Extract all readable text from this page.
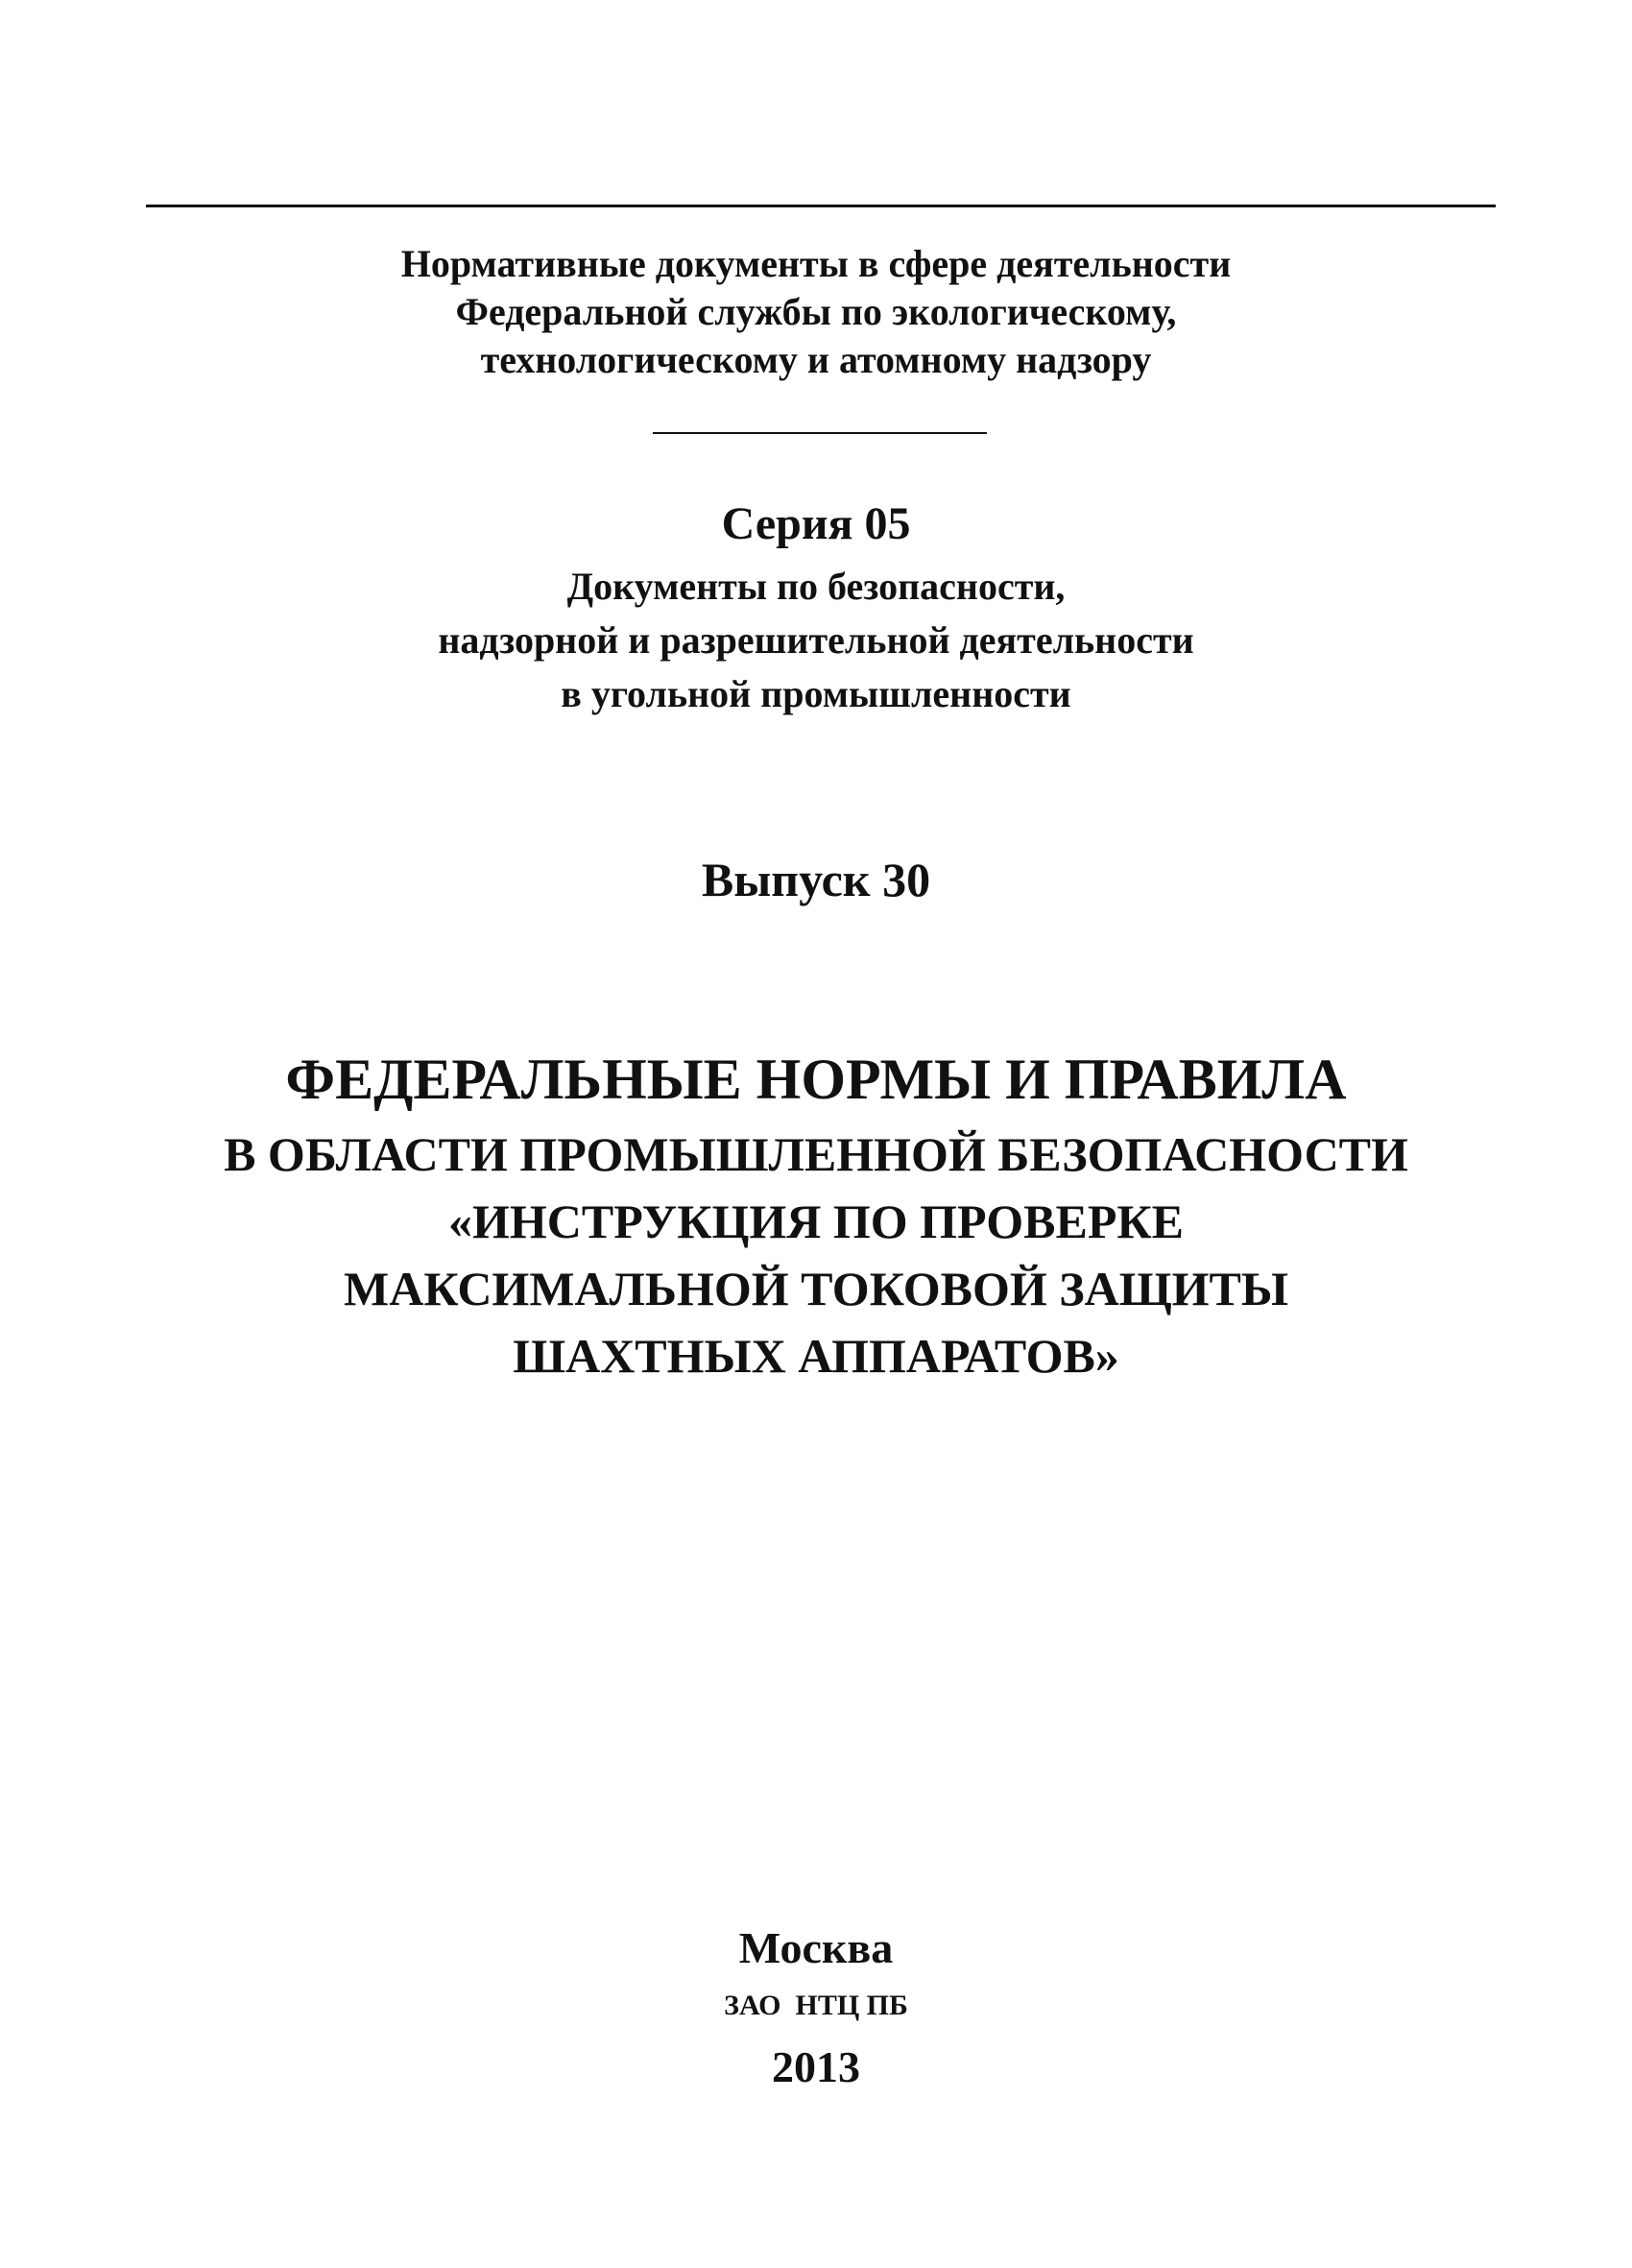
Нормативные документы в сфере деятельности
Федеральной службы по экологическому,
технологическому и атомному надзору
Серия 05
Документы по безопасности,
надзорной и разрешительной деятельности
в угольной промышленности
Выпуск 30
ФЕДЕРАЛЬНЫЕ НОРМЫ И ПРАВИЛА
В ОБЛАСТИ ПРОМЫШЛЕННОЙ БЕЗОПАСНОСТИ
«ИНСТРУКЦИЯ ПО ПРОВЕРКЕ
МАКСИМАЛЬНОЙ ТОКОВОЙ ЗАЩИТЫ
ШАХТНЫХ АППАРАТОВ»
Москва
ЗАО  НТЦ ПБ
2013
